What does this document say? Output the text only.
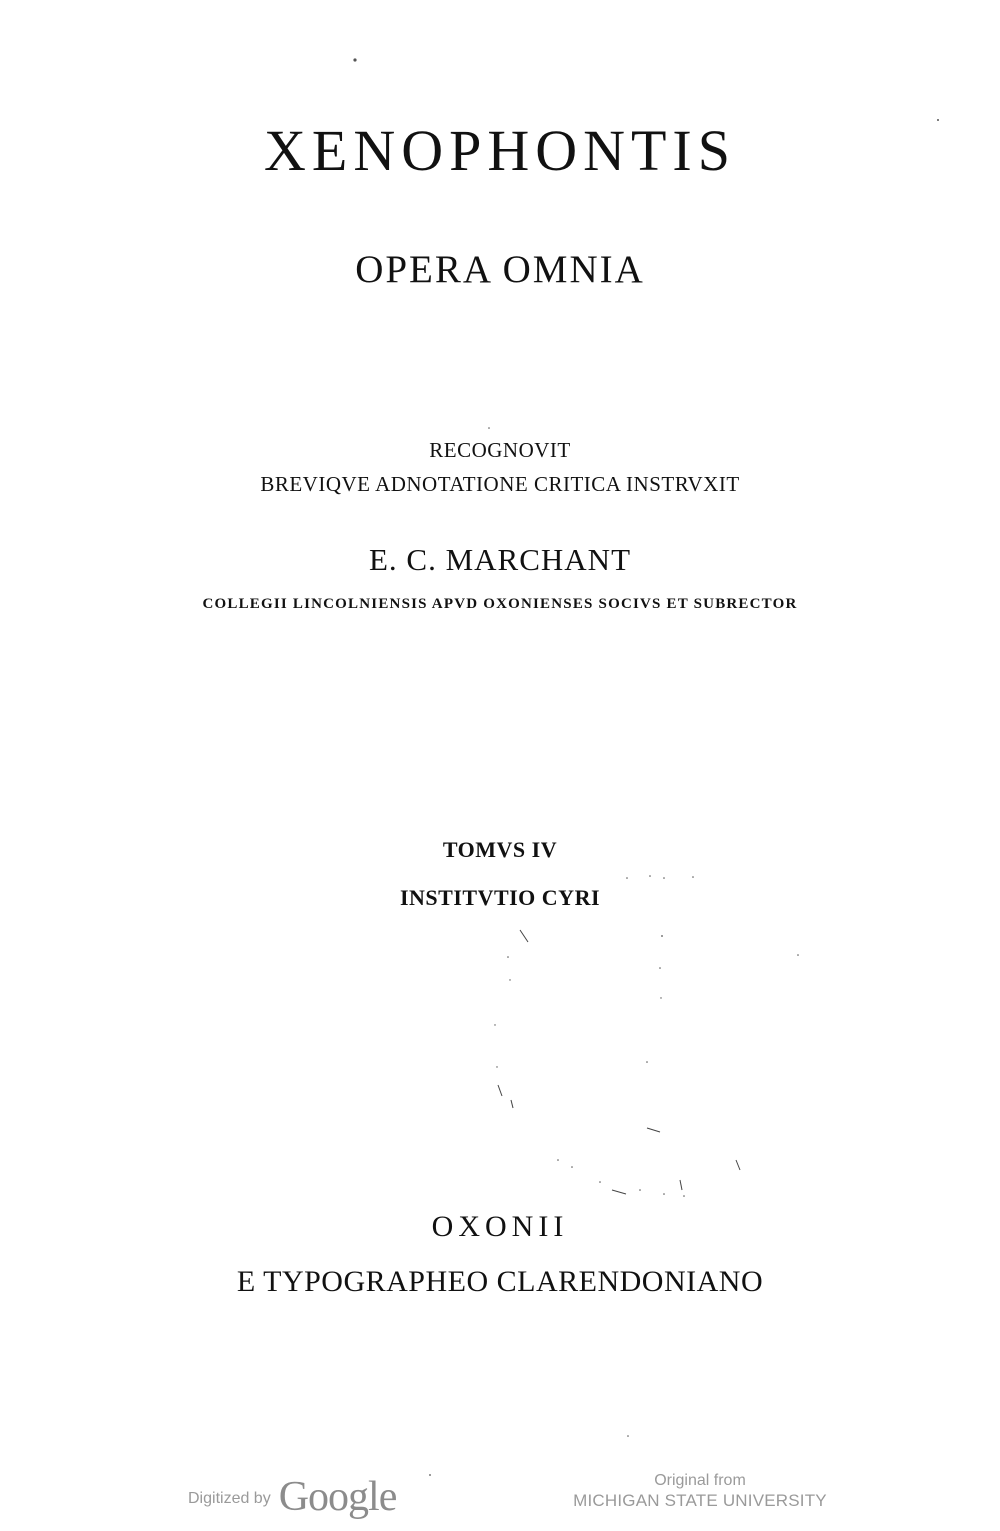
XENOPHONTIS
OPERA OMNIA
RECOGNOVIT
BREVIQVE ADNOTATIONE CRITICA INSTRVXIT
E. C. MARCHANT
COLLEGII LINCOLNIENSIS APVD OXONIENSES SOCIVS ET SUBRECTOR
TOMVS IV
INSTITVTIO CYRI
OXONII
E TYPOGRAPHEO CLARENDONIANO
Digitized by Google	Original from
MICHIGAN STATE UNIVERSITY
